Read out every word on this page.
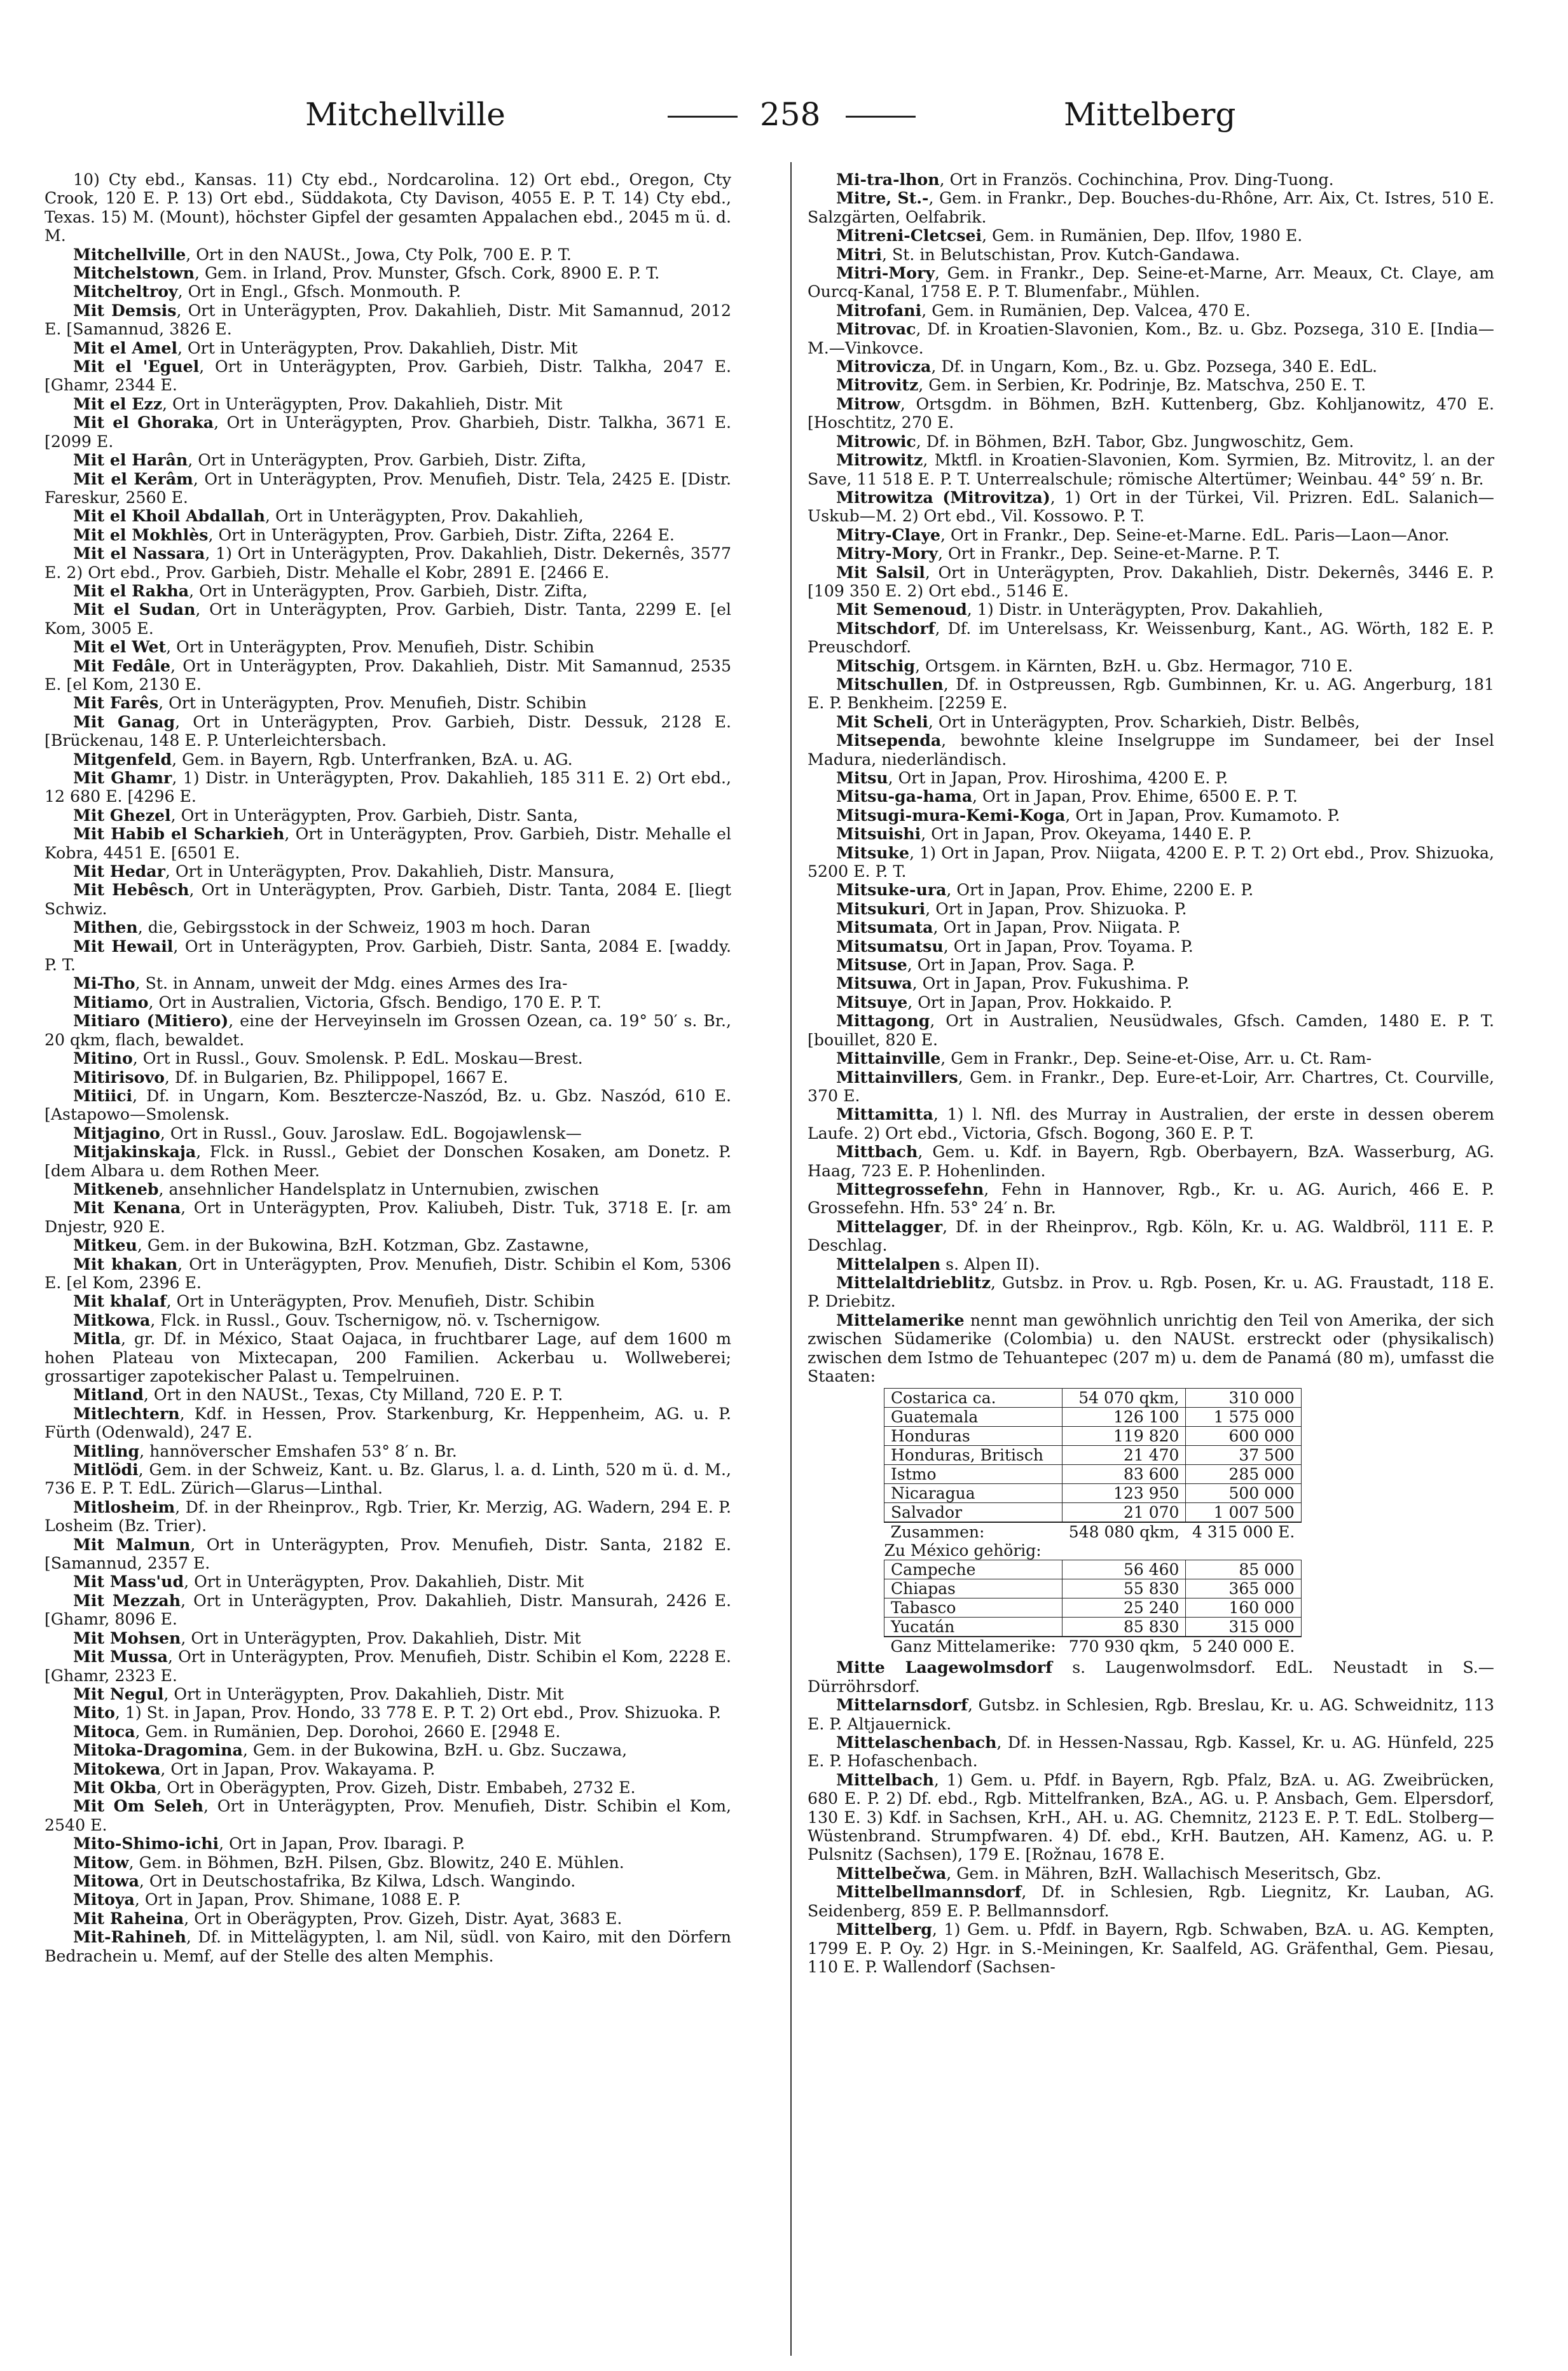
Mitchellville	258	Mittelberg

10) Cty ebd., Kansas. 11) Cty ebd., Nordcarolina. 12) Ort ebd., Oregon, Cty Crook, 120 E. P. 13) Ort ebd., Süddakota, Cty Davison, 4055 E. P. T. 14) Cty ebd., Texas. 15) M. (Mount), höchster Gipfel der gesamten Appalachen ebd., 2045 m ü. d. M.

Mitchellville, Ort in den NAUSt., Jowa, Cty Polk, 700 E. P. T.

Mitchelstown, Gem. in Irland, Prov. Munster, Gfsch. Cork, 8900 E. P. T.

Mitcheltroy, Ort in Engl., Gfsch. Monmouth. P.

Mit Demsis, Ort in Unterägypten, Prov. Dakahlieh, Distr. Mit Samannud, 2012 E. [Samannud, 3826 E.

Mit el Amel, Ort in Unterägypten, Prov. Dakahlieh, Distr. Mit

Mit el 'Eguel, Ort in Unterägypten, Prov. Garbieh, Distr. Talkha, 2047 E. [Ghamr, 2344 E.

Mit el Ezz, Ort in Unterägypten, Prov. Dakahlieh, Distr. Mit

Mit el Ghoraka, Ort in Unterägypten, Prov. Gharbieh, Distr. Talkha, 3671 E. [2099 E.

Mit el Harân, Ort in Unterägypten, Prov. Garbieh, Distr. Zifta,

Mit el Kerâm, Ort in Unterägypten, Prov. Menufieh, Distr. Tela, 2425 E. [Distr. Fareskur, 2560 E.

Mit el Khoil Abdallah, Ort in Unterägypten, Prov. Dakahlieh,

Mit el Mokhlès, Ort in Unterägypten, Prov. Garbieh, Distr. Zifta, 2264 E.

Mit el Nassara, 1) Ort in Unterägypten, Prov. Dakahlieh, Distr. Dekernês, 3577 E. 2) Ort ebd., Prov. Garbieh, Distr. Mehalle el Kobr, 2891 E. [2466 E.

Mit el Rakha, Ort in Unterägypten, Prov. Garbieh, Distr. Zifta,

Mit el Sudan, Ort in Unterägypten, Prov. Garbieh, Distr. Tanta, 2299 E. [el Kom, 3005 E.

Mit el Wet, Ort in Unterägypten, Prov. Menufieh, Distr. Schibin

Mit Fedâle, Ort in Unterägypten, Prov. Dakahlieh, Distr. Mit Samannud, 2535 E. [el Kom, 2130 E.

Mit Farês, Ort in Unterägypten, Prov. Menufieh, Distr. Schibin

Mit Ganag, Ort in Unterägypten, Prov. Garbieh, Distr. Dessuk, 2128 E. [Brückenau, 148 E. P. Unterleichtersbach.

Mitgenfeld, Gem. in Bayern, Rgb. Unterfranken, BzA. u. AG.

Mit Ghamr, 1) Distr. in Unterägypten, Prov. Dakahlieh, 185 311 E. 2) Ort ebd., 12 680 E. [4296 E.

Mit Ghezel, Ort in Unterägypten, Prov. Garbieh, Distr. Santa,

Mit Habib el Scharkieh, Ort in Unterägypten, Prov. Garbieh, Distr. Mehalle el Kobra, 4451 E. [6501 E.

Mit Hedar, Ort in Unterägypten, Prov. Dakahlieh, Distr. Mansura,

Mit Hebêsch, Ort in Unterägypten, Prov. Garbieh, Distr. Tanta, 2084 E. [liegt Schwiz.

Mithen, die, Gebirgsstock in der Schweiz, 1903 m hoch. Daran

Mit Hewail, Ort in Unterägypten, Prov. Garbieh, Distr. Santa, 2084 E. [waddy. P. T.

Mi-Tho, St. in Annam, unweit der Mdg. eines Armes des Ira-

Mitiamo, Ort in Australien, Victoria, Gfsch. Bendigo, 170 E. P. T.

Mitiaro (Mitiero), eine der Herveyinseln im Grossen Ozean, ca. 19° 50′ s. Br., 20 qkm, flach, bewaldet.

Mitino, Ort in Russl., Gouv. Smolensk. P. EdL. Moskau—Brest.

Mitirisovo, Df. in Bulgarien, Bz. Philippopel, 1667 E.

Mitiici, Df. in Ungarn, Kom. Besztercze-Naszód, Bz. u. Gbz. Naszód, 610 E. [Astapowo—Smolensk.

Mitjagino, Ort in Russl., Gouv. Jaroslaw. EdL. Bogojawlensk—

Mitjakinskaja, Flck. in Russl., Gebiet der Donschen Kosaken, am Donetz. P. [dem Albara u. dem Rothen Meer.

Mitkeneb, ansehnlicher Handelsplatz in Unternubien, zwischen

Mit Kenana, Ort in Unterägypten, Prov. Kaliubeh, Distr. Tuk, 3718 E. [r. am Dnjestr, 920 E.

Mitkeu, Gem. in der Bukowina, BzH. Kotzman, Gbz. Zastawne,

Mit khakan, Ort in Unterägypten, Prov. Menufieh, Distr. Schibin el Kom, 5306 E. [el Kom, 2396 E.

Mit khalaf, Ort in Unterägypten, Prov. Menufieh, Distr. Schibin

Mitkowa, Flck. in Russl., Gouv. Tschernigow, nö. v. Tschernigow.

Mitla, gr. Df. in México, Staat Oajaca, in fruchtbarer Lage, auf dem 1600 m hohen Plateau von Mixtecapan, 200 Familien. Ackerbau u. Wollweberei; grossartiger zapotekischer Palast u. Tempelruinen.

Mitland, Ort in den NAUSt., Texas, Cty Milland, 720 E. P. T.

Mitlechtern, Kdf. in Hessen, Prov. Starkenburg, Kr. Heppenheim, AG. u. P. Fürth (Odenwald), 247 E.

Mitling, hannöverscher Emshafen 53° 8′ n. Br.

Mitlödi, Gem. in der Schweiz, Kant. u. Bz. Glarus, l. a. d. Linth, 520 m ü. d. M., 736 E. P. T. EdL. Zürich—Glarus—Linthal.

Mitlosheim, Df. in der Rheinprov., Rgb. Trier, Kr. Merzig, AG. Wadern, 294 E. P. Losheim (Bz. Trier).

Mit Malmun, Ort in Unterägypten, Prov. Menufieh, Distr. Santa, 2182 E. [Samannud, 2357 E.

Mit Mass'ud, Ort in Unterägypten, Prov. Dakahlieh, Distr. Mit

Mit Mezzah, Ort in Unterägypten, Prov. Dakahlieh, Distr. Mansurah, 2426 E. [Ghamr, 8096 E.

Mit Mohsen, Ort in Unterägypten, Prov. Dakahlieh, Distr. Mit

Mit Mussa, Ort in Unterägypten, Prov. Menufieh, Distr. Schibin el Kom, 2228 E. [Ghamr, 2323 E.

Mit Negul, Ort in Unterägypten, Prov. Dakahlieh, Distr. Mit

Mito, 1) St. in Japan, Prov. Hondo, 33 778 E. P. T. 2) Ort ebd., Prov. Shizuoka. P.

Mitoca, Gem. in Rumänien, Dep. Dorohoi, 2660 E. [2948 E.

Mitoka-Dragomina, Gem. in der Bukowina, BzH. u. Gbz. Suczawa,

Mitokewa, Ort in Japan, Prov. Wakayama. P.

Mit Okba, Ort in Oberägypten, Prov. Gizeh, Distr. Embabeh, 2732 E.

Mit Om Seleh, Ort in Unterägypten, Prov. Menufieh, Distr. Schibin el Kom, 2540 E.

Mito-Shimo-ichi, Ort in Japan, Prov. Ibaragi. P.

Mitow, Gem. in Böhmen, BzH. Pilsen, Gbz. Blowitz, 240 E. Mühlen.

Mitowa, Ort in Deutschostafrika, Bz Kilwa, Ldsch. Wangindo.

Mitoya, Ort in Japan, Prov. Shimane, 1088 E. P.

Mit Raheina, Ort in Oberägypten, Prov. Gizeh, Distr. Ayat, 3683 E.

Mit-Rahineh, Df. in Mittelägypten, l. am Nil, südl. von Kairo, mit den Dörfern Bedrachein u. Memf, auf der Stelle des alten Memphis.

Mi-tra-lhon, Ort in Französ. Cochinchina, Prov. Ding-Tuong.

Mitre, St.-, Gem. in Frankr., Dep. Bouches-du-Rhône, Arr. Aix, Ct. Istres, 510 E. Salzgärten, Oelfabrik.

Mitreni-Cletcsei, Gem. in Rumänien, Dep. Ilfov, 1980 E.

Mitri, St. in Belutschistan, Prov. Kutch-Gandawa.

Mitri-Mory, Gem. in Frankr., Dep. Seine-et-Marne, Arr. Meaux, Ct. Claye, am Ourcq-Kanal, 1758 E. P. T. Blumenfabr., Mühlen.

Mitrofani, Gem. in Rumänien, Dep. Valcea, 470 E.

Mitrovac, Df. in Kroatien-Slavonien, Kom., Bz. u. Gbz. Pozsega, 310 E. [India—M.—Vinkovce.

Mitrovicza, Df. in Ungarn, Kom., Bz. u. Gbz. Pozsega, 340 E. EdL.

Mitrovitz, Gem. in Serbien, Kr. Podrinje, Bz. Matschva, 250 E. T.

Mitrow, Ortsgdm. in Böhmen, BzH. Kuttenberg, Gbz. Kohljanowitz, 470 E. [Hoschtitz, 270 E.

Mitrowic, Df. in Böhmen, BzH. Tabor, Gbz. Jungwoschitz, Gem.

Mitrowitz, Mktfl. in Kroatien-Slavonien, Kom. Syrmien, Bz. Mitrovitz, l. an der Save, 11 518 E. P. T. Unterrealschule; römische Altertümer; Weinbau. 44° 59′ n. Br.

Mitrowitza (Mitrovitza), 1) Ort in der Türkei, Vil. Prizren. EdL. Salanich—Uskub—M. 2) Ort ebd., Vil. Kossowo. P. T.

Mitry-Claye, Ort in Frankr., Dep. Seine-et-Marne. EdL. Paris—Laon—Anor.

Mitry-Mory, Ort in Frankr., Dep. Seine-et-Marne. P. T.

Mit Salsil, Ort in Unterägypten, Prov. Dakahlieh, Distr. Dekernês, 3446 E. P. [109 350 E. 2) Ort ebd., 5146 E.

Mit Semenoud, 1) Distr. in Unterägypten, Prov. Dakahlieh,

Mitschdorf, Df. im Unterelsass, Kr. Weissenburg, Kant., AG. Wörth, 182 E. P. Preuschdorf.

Mitschig, Ortsgem. in Kärnten, BzH. u. Gbz. Hermagor, 710 E.

Mitschullen, Df. in Ostpreussen, Rgb. Gumbinnen, Kr. u. AG. Angerburg, 181 E. P. Benkheim. [2259 E.

Mit Scheli, Ort in Unterägypten, Prov. Scharkieh, Distr. Belbês,

Mitsependa, bewohnte kleine Inselgruppe im Sundameer, bei der Insel Madura, niederländisch.

Mitsu, Ort in Japan, Prov. Hiroshima, 4200 E. P.

Mitsu-ga-hama, Ort in Japan, Prov. Ehime, 6500 E. P. T.

Mitsugi-mura-Kemi-Koga, Ort in Japan, Prov. Kumamoto. P.

Mitsuishi, Ort in Japan, Prov. Okeyama, 1440 E. P.

Mitsuke, 1) Ort in Japan, Prov. Niigata, 4200 E. P. T. 2) Ort ebd., Prov. Shizuoka, 5200 E. P. T.

Mitsuke-ura, Ort in Japan, Prov. Ehime, 2200 E. P.

Mitsukuri, Ort in Japan, Prov. Shizuoka. P.

Mitsumata, Ort in Japan, Prov. Niigata. P.

Mitsumatsu, Ort in Japan, Prov. Toyama. P.

Mitsuse, Ort in Japan, Prov. Saga. P.

Mitsuwa, Ort in Japan, Prov. Fukushima. P.

Mitsuye, Ort in Japan, Prov. Hokkaido. P.

Mittagong, Ort in Australien, Neusüdwales, Gfsch. Camden, 1480 E. P. T. [bouillet, 820 E.

Mittainville, Gem in Frankr., Dep. Seine-et-Oise, Arr. u. Ct. Ram-

Mittainvillers, Gem. in Frankr., Dep. Eure-et-Loir, Arr. Chartres, Ct. Courville, 370 E.

Mittamitta, 1) l. Nfl. des Murray in Australien, der erste in dessen oberem Laufe. 2) Ort ebd., Victoria, Gfsch. Bogong, 360 E. P. T.

Mittbach, Gem. u. Kdf. in Bayern, Rgb. Oberbayern, BzA. Wasserburg, AG. Haag, 723 E. P. Hohenlinden.

Mittegrossefehn, Fehn in Hannover, Rgb., Kr. u. AG. Aurich, 466 E. P. Grossefehn. Hfn. 53° 24′ n. Br.

Mittelagger, Df. in der Rheinprov., Rgb. Köln, Kr. u. AG. Waldbröl, 111 E. P. Deschlag.

Mittelalpen s. Alpen II).

Mittelaltdrieblitz, Gutsbz. in Prov. u. Rgb. Posen, Kr. u. AG. Fraustadt, 118 E. P. Driebitz.

Mittelamerike nennt man gewöhnlich unrichtig den Teil von Amerika, der sich zwischen Südamerike (Colombia) u. den NAUSt. erstreckt oder (physikalisch) zwischen dem Istmo de Tehuantepec (207 m) u. dem de Panamá (80 m), umfasst die Staaten:

Costarica ca.	54 070 qkm,	310 000
Guatemala	126 100	1 575 000
Honduras	119 820	600 000
Honduras, Britisch	21 470	37 500
Istmo	83 600	285 000
Nicaragua	123 950	500 000
Salvador	21 070	1 007 500
Zusammen:	548 080 qkm,	4 315 000 E.
Zu México gehörig:		
Campeche	56 460	85 000
Chiapas	55 830	365 000
Tabasco	25 240	160 000
Yucatán	85 830	315 000
Ganz Mittelamerike:	770 930 qkm,	5 240 000 E.

Mitte Laagewolmsdorf s. Laugenwolmsdorf. EdL. Neustadt in S.—Dürröhrsdorf.

Mittelarnsdorf, Gutsbz. in Schlesien, Rgb. Breslau, Kr. u. AG. Schweidnitz, 113 E. P. Altjauernick.

Mittelaschenbach, Df. in Hessen-Nassau, Rgb. Kassel, Kr. u. AG. Hünfeld, 225 E. P. Hofaschenbach.

Mittelbach, 1) Gem. u. Pfdf. in Bayern, Rgb. Pfalz, BzA. u. AG. Zweibrücken, 680 E. P. 2) Df. ebd., Rgb. Mittelfranken, BzA., AG. u. P. Ansbach, Gem. Elpersdorf, 130 E. 3) Kdf. in Sachsen, KrH., AH. u. AG. Chemnitz, 2123 E. P. T. EdL. Stolberg—Wüstenbrand. Strumpfwaren. 4) Df. ebd., KrH. Bautzen, AH. Kamenz, AG. u. P. Pulsnitz (Sachsen), 179 E. [Rožnau, 1678 E.

Mittelbečwa, Gem. in Mähren, BzH. Wallachisch Meseritsch, Gbz.

Mittelbellmannsdorf, Df. in Schlesien, Rgb. Liegnitz, Kr. Lauban, AG. Seidenberg, 859 E. P. Bellmannsdorf.

Mittelberg, 1) Gem. u. Pfdf. in Bayern, Rgb. Schwaben, BzA. u. AG. Kempten, 1799 E. P. Oy. 2) Hgr. in S.-Meiningen, Kr. Saalfeld, AG. Gräfenthal, Gem. Piesau, 110 E. P. Wallendorf (Sachsen-
